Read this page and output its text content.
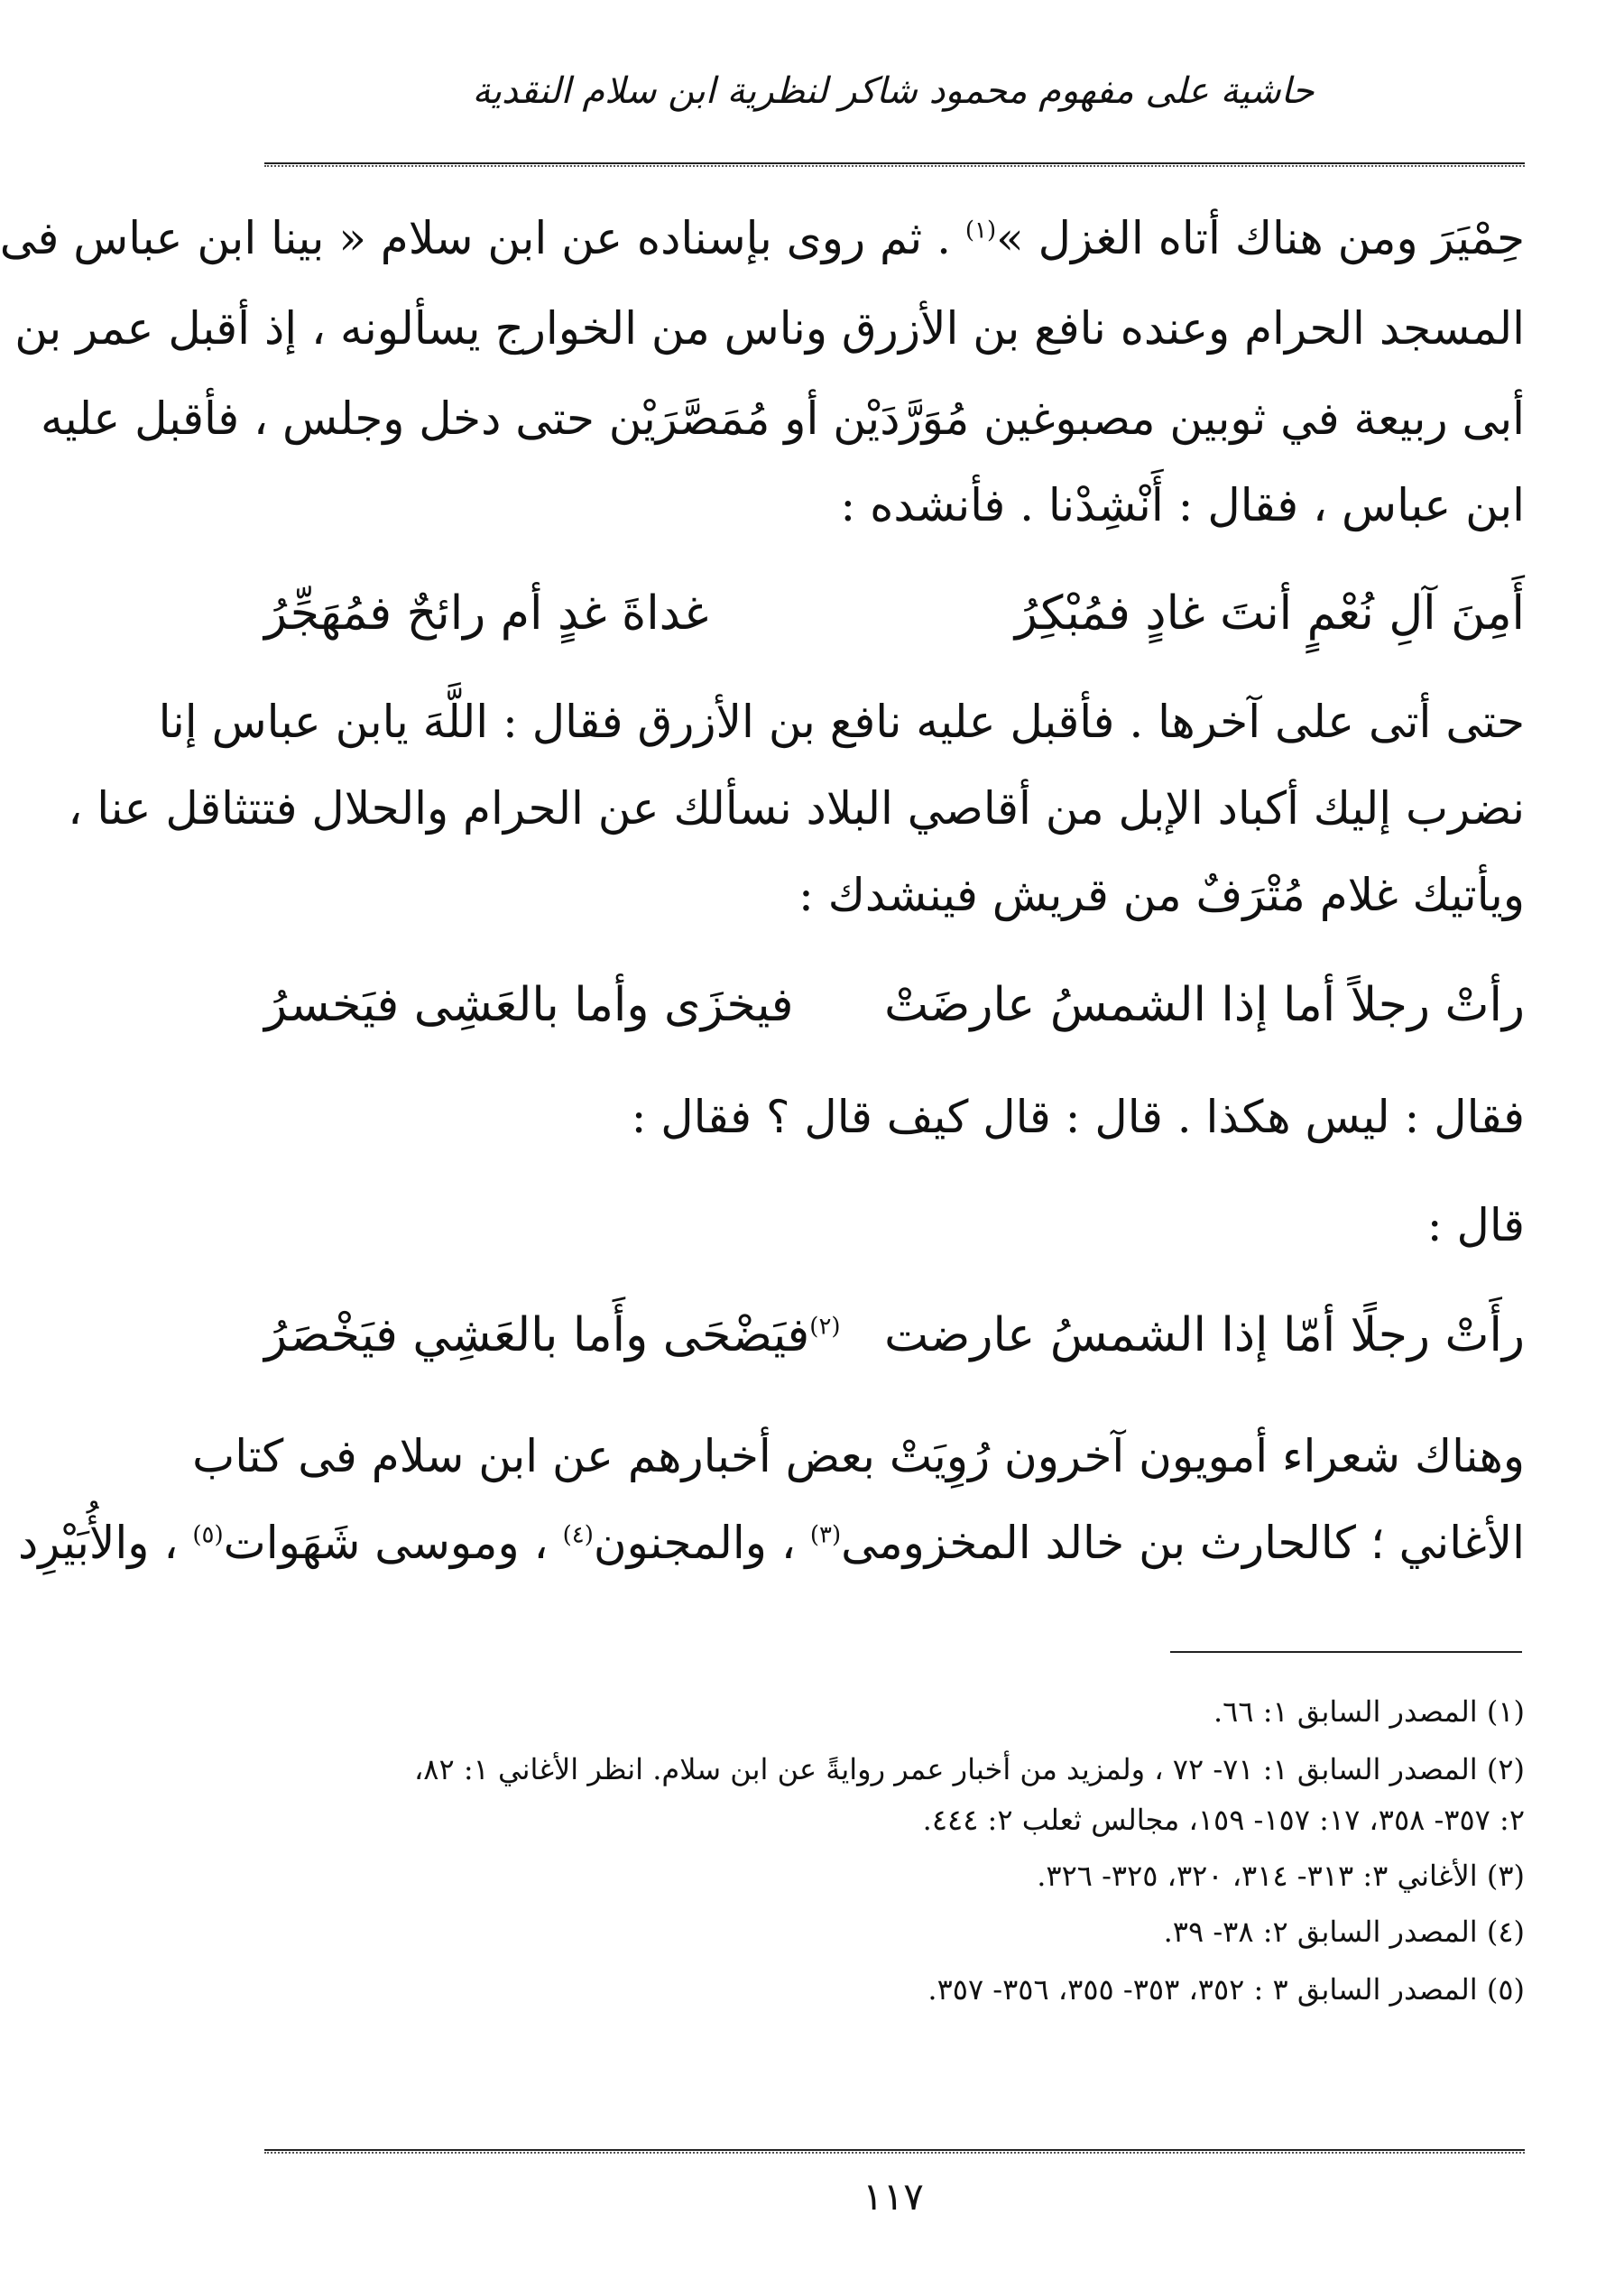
حاشية على مفهوم محمود شاكر لنظرية ابن سلام النقدية
حِمْيَرَ ومن هناك أتاه الغزل »$^{(١)}$ . ثم روى بإسناده عن ابن سلام « بينا ابن عباس فى
المسجد الحرام وعنده نافع بن الأزرق وناس من الخوارج يسألونه ، إذ أقبل عمر بن
أبى ربيعة في ثوبين مصبوغين مُوَرَّدَيْن أو مُمَصَّرَيْن حتى دخل وجلس ، فأقبل عليه
ابن عباس ، فقال : أَنْشِدْنا . فأنشده :
أَمِنَ آلِ نُعْمٍ أنتَ غادٍ فمُبْكِرُ
غداةَ غدٍ أم رائحٌ فمُهَجِّرُ
حتى أتى على آخرها . فأقبل عليه نافع بن الأزرق فقال : اللَّهَ يابن عباس إنا
نضرب إليك أكباد الإبل من أقاصي البلاد نسألك عن الحرام والحلال فتتثاقل عنا ،
ويأتيك غلام مُتْرَفٌ من قريش فينشدك :
رأتْ رجلاً أما إذا الشمسُ عارضَتْ
فيخزَى وأما بالعَشِى فيَخسرُ
فقال : ليس هكذا . قال : قال كيف قال ؟ فقال :
قال :
رأَتْ رجلًا أمّا إذا الشمسُ عارضت
$^{(٢)}$فيَضْحَى وأَما بالعَشِي فيَخْصَرُ
وهناك شعراء أمويون آخرون رُوِيَتْ بعض أخبارهم عن ابن سلام فى كتاب
الأغاني ؛ كالحارث بن خالد المخزومى$^{(٣)}$ ، والمجنون$^{(٤)}$ ، وموسى شَهَوات$^{(٥)}$ ، والأُبَيْرِد
(١) المصدر السابق ١: ٦٦.
(٢) المصدر السابق ١: ٧١- ٧٢ ، ولمزيد من أخبار عمر روايةً عن ابن سلام. انظر الأغاني ١: ٨٢،
٢: ٣٥٧- ٣٥٨، ١٧: ١٥٧- ١٥٩، مجالس ثعلب ٢: ٤٤٤.
(٣) الأغاني ٣: ٣١٣- ٣١٤، ٣٢٠، ٣٢٥- ٣٢٦.
(٤) المصدر السابق ٢: ٣٨- ٣٩.
(٥) المصدر السابق ٣ : ٣٥٢، ٣٥٣- ٣٥٥، ٣٥٦- ٣٥٧.
١١٧
